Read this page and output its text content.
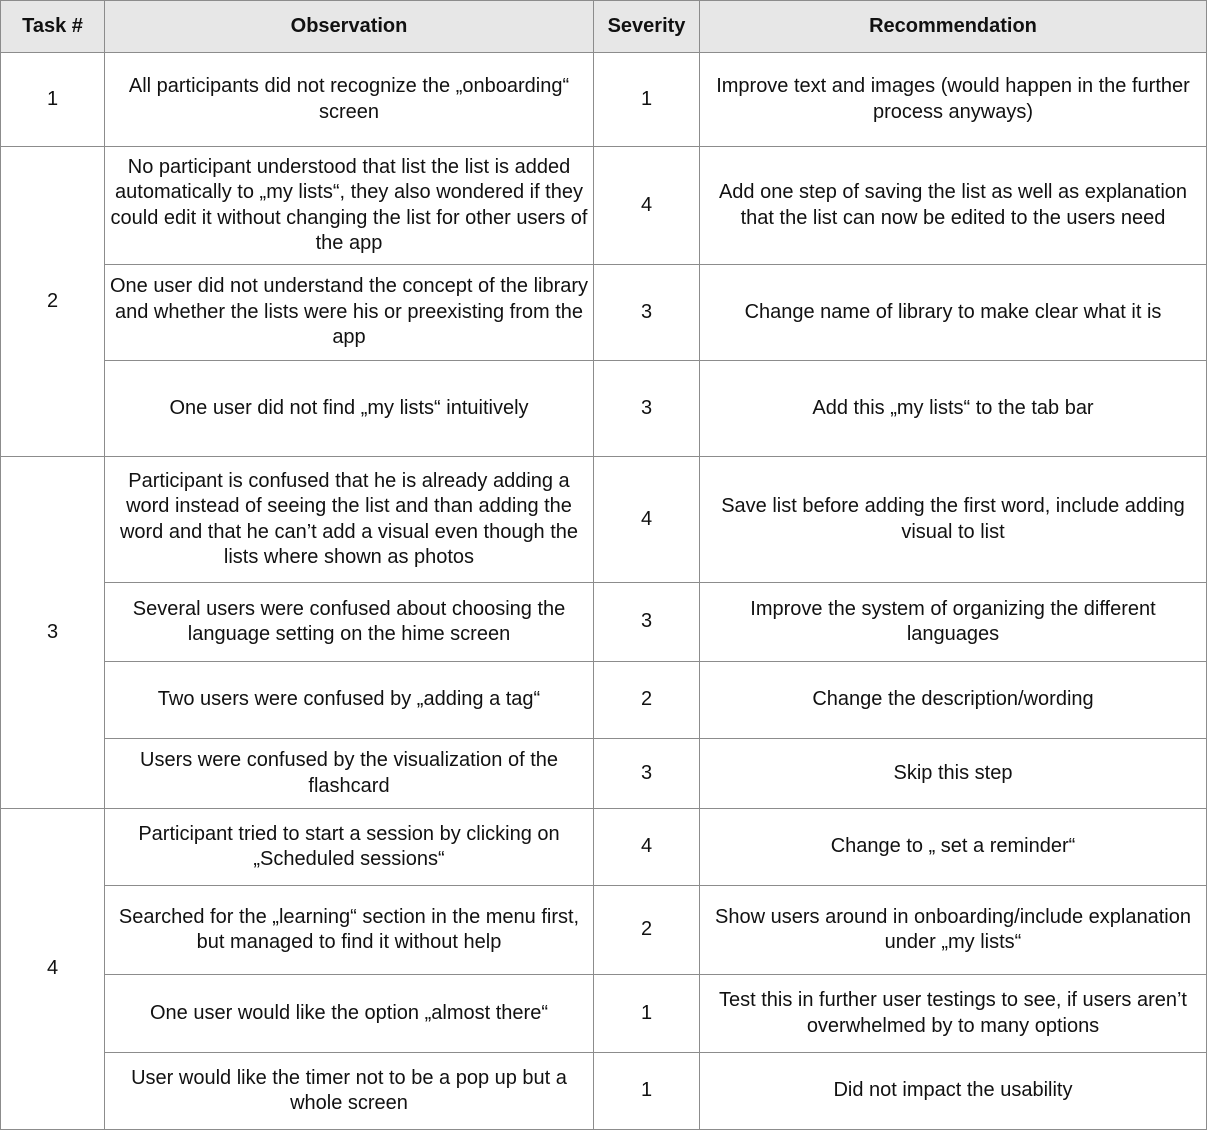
Task #	Observation	Severity	Recommendation
1	All participants did not recognize the „onboarding“ screen	1	Improve text and images (would happen in the further process anyways)
2	No participant understood that list the list is added automatically to „my lists“, they also wondered if they could edit it without changing the list for other users of the app	4	Add one step of saving the list as well as explanation that the list can now be edited to the users need
	One user did not understand the concept of the library and whether the lists were his or preexisting from the app	3	Change name of library to make clear what it is
	One user did not find „my lists“ intuitively	3	Add this „my lists“ to the tab bar
3	Participant is confused that he is already adding a word instead of seeing the list and than adding the word and that he can’t add a visual even though the lists where shown as photos	4	Save list before adding the first word, include adding visual to list
	Several users were confused about choosing the language setting on the hime screen	3	Improve the system of organizing the different languages
	Two users were confused by „adding a tag“	2	Change the description/wording
	Users were confused by the visualization of the flashcard	3	Skip this step
4	Participant tried to start a session by clicking on „Scheduled sessions“	4	Change to „ set a reminder“
	Searched for the „learning“ section in the menu first, but managed to find it without help	2	Show users around in onboarding/include explanation under „my lists“
	One user would like the option „almost there“	1	Test this in further user testings to see, if users aren’t overwhelmed by to many options
	User would like the timer not to be a pop up but a whole screen	1	Did not impact the usability
